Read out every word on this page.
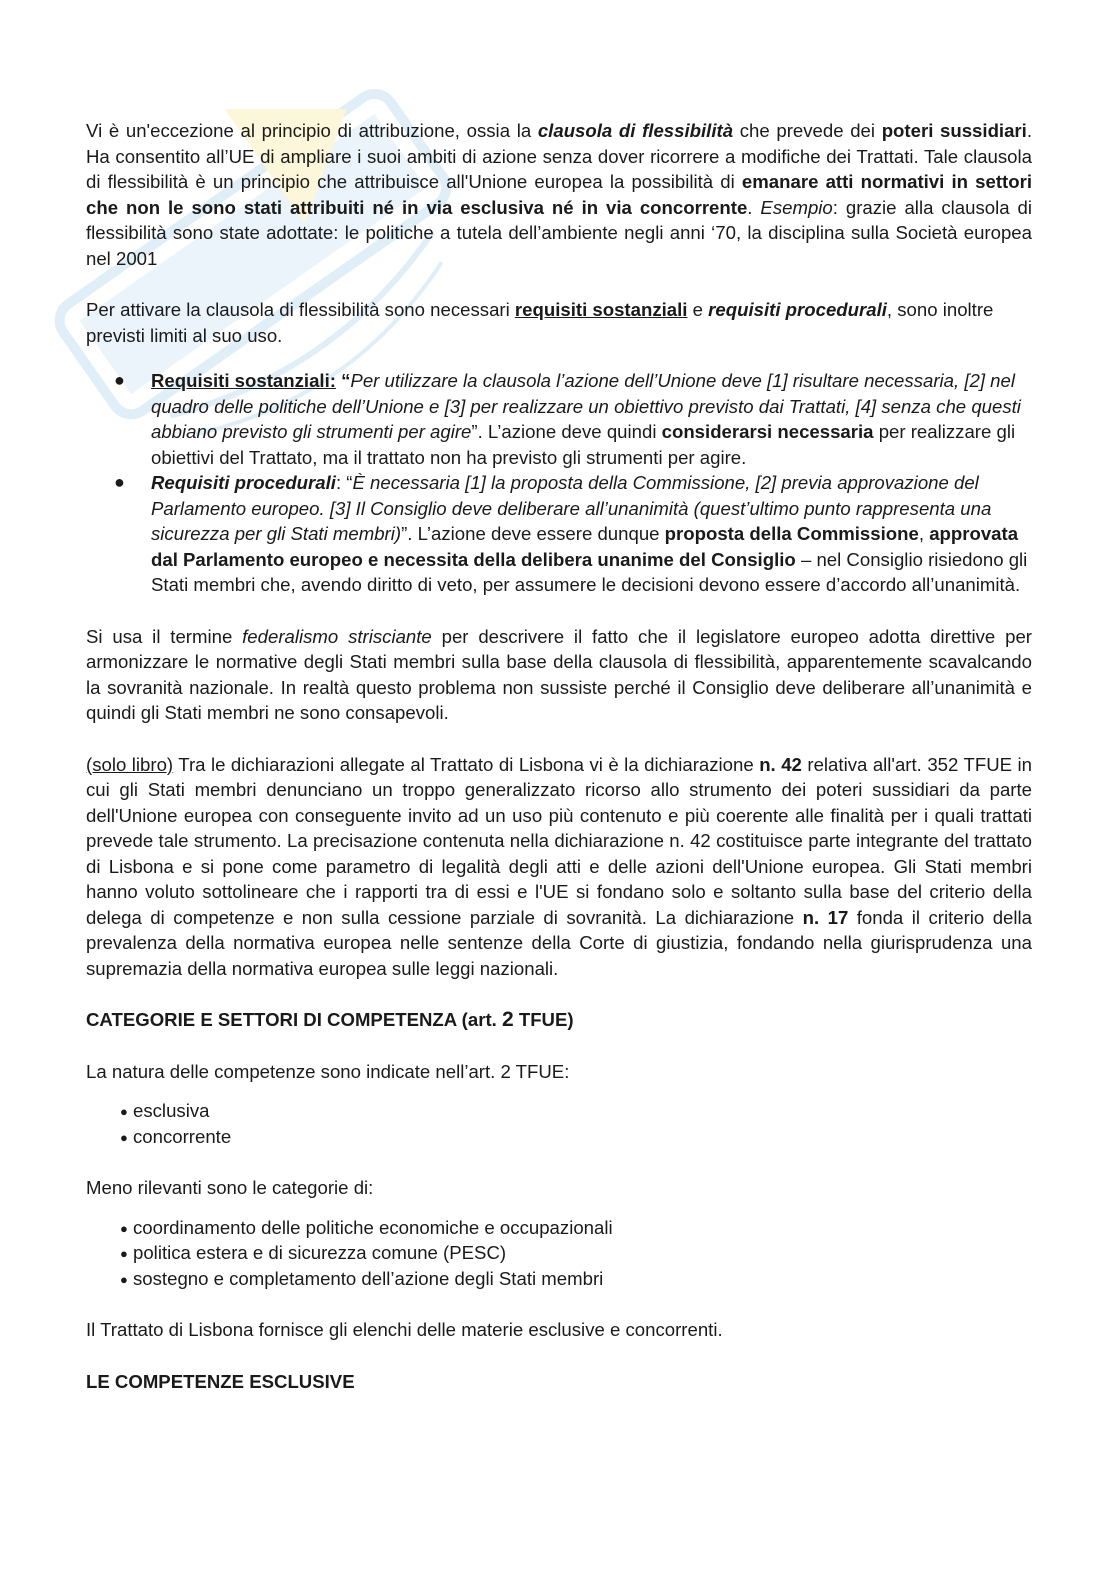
Vi è un'eccezione al principio di attribuzione, ossia la clausola di flessibilità che prevede dei poteri sussidiari. Ha consentito all’UE di ampliare i suoi ambiti di azione senza dover ricorrere a modifiche dei Trattati. Tale clausola di flessibilità è un principio che attribuisce all'Unione europea la possibilità di emanare atti normativi in settori che non le sono stati attribuiti né in via esclusiva né in via concorrente. Esempio: grazie alla clausola di flessibilità sono state adottate: le politiche a tutela dell’ambiente negli anni ‘70, la disciplina sulla Società europea nel 2001

Per attivare la clausola di flessibilità sono necessari requisiti sostanziali e requisiti procedurali, sono inoltre previsti limiti al suo uso.

● Requisiti sostanziali: “Per utilizzare la clausola l’azione dell’Unione deve [1] risultare necessaria, [2] nel quadro delle politiche dell’Unione e [3] per realizzare un obiettivo previsto dai Trattati, [4] senza che questi abbiano previsto gli strumenti per agire”. L’azione deve quindi considerarsi necessaria per realizzare gli obiettivi del Trattato, ma il trattato non ha previsto gli strumenti per agire.
● Requisiti procedurali: “È necessaria [1] la proposta della Commissione, [2] previa approvazione del Parlamento europeo. [3] Il Consiglio deve deliberare all’unanimità (quest’ultimo punto rappresenta una sicurezza per gli Stati membri)”. L’azione deve essere dunque proposta della Commissione, approvata dal Parlamento europeo e necessita della delibera unanime del Consiglio – nel Consiglio risiedono gli Stati membri che, avendo diritto di veto, per assumere le decisioni devono essere d’accordo all’unanimità.

Si usa il termine federalismo strisciante per descrivere il fatto che il legislatore europeo adotta direttive per armonizzare le normative degli Stati membri sulla base della clausola di flessibilità, apparentemente scavalcando la sovranità nazionale. In realtà questo problema non sussiste perché il Consiglio deve deliberare all’unanimità e quindi gli Stati membri ne sono consapevoli.

(solo libro) Tra le dichiarazioni allegate al Trattato di Lisbona vi è la dichiarazione n. 42 relativa all'art. 352 TFUE in cui gli Stati membri denunciano un troppo generalizzato ricorso allo strumento dei poteri sussidiari da parte dell'Unione europea con conseguente invito ad un uso più contenuto e più coerente alle finalità per i quali trattati prevede tale strumento. La precisazione contenuta nella dichiarazione n. 42 costituisce parte integrante del trattato di Lisbona e si pone come parametro di legalità degli atti e delle azioni dell'Unione europea. Gli Stati membri hanno voluto sottolineare che i rapporti tra di essi e l'UE si fondano solo e soltanto sulla base del criterio della delega di competenze e non sulla cessione parziale di sovranità. La dichiarazione n. 17 fonda il criterio della prevalenza della normativa europea nelle sentenze della Corte di giustizia, fondando nella giurisprudenza una supremazia della normativa europea sulle leggi nazionali.

CATEGORIE E SETTORI DI COMPETENZA (art. 2 TFUE)

La natura delle competenze sono indicate nell’art. 2 TFUE:

● esclusiva
● concorrente

Meno rilevanti sono le categorie di:

● coordinamento delle politiche economiche e occupazionali
● politica estera e di sicurezza comune (PESC)
● sostegno e completamento dell’azione degli Stati membri

Il Trattato di Lisbona fornisce gli elenchi delle materie esclusive e concorrenti.

LE COMPETENZE ESCLUSIVE
